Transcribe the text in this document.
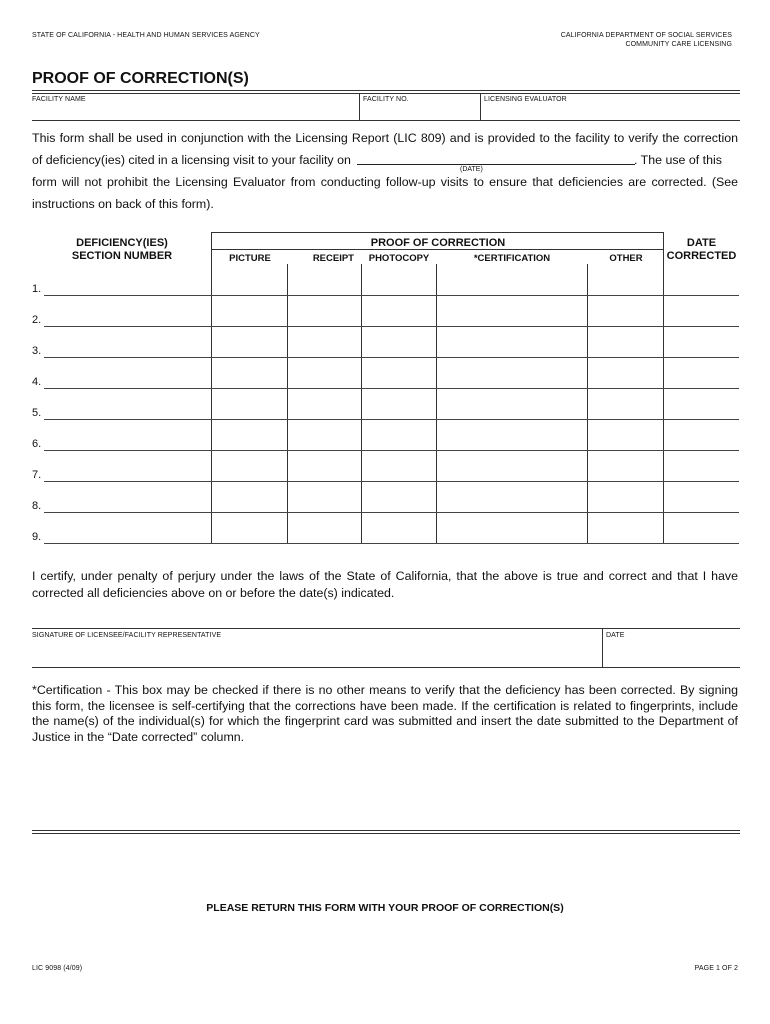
STATE OF CALIFORNIA - HEALTH AND HUMAN SERVICES AGENCY	CALIFORNIA DEPARTMENT OF SOCIAL SERVICES
COMMUNITY CARE LICENSING
PROOF OF CORRECTION(S)
FACILITY NAME	FACILITY NO.	LICENSING EVALUATOR
This form shall be used in conjunction with the Licensing Report (LIC 809) and is provided to the facility to verify the correction
of deficiency(ies) cited in a licensing visit to your facility on
(DATE)
. The use of this
form will not prohibit the Licensing Evaluator from conducting follow-up visits to ensure that deficiencies are corrected. (See
instructions on back of this form).
DEFICIENCY(IES)
SECTION NUMBER
PROOF OF CORRECTION	DATE
CORRECTED
PICTURE	RECEIPT	PHOTOCOPY	*CERTIFICATION	OTHER
1.
2.
3.
4.
5.
6.
7.
8.
9.
I certify, under penalty of perjury under the laws of the State of California, that the above is true and correct and that I have
corrected all deficiencies above on or before the date(s) indicated.
SIGNATURE OF LICENSEE/FACILITY REPRESENTATIVE	DATE
*Certification - This box may be checked if there is no other means to verify that the deficiency has been corrected. By signing
this form, the licensee is self-certifying that the corrections have been made. If the certification is related to fingerprints, include
the name(s) of the individual(s) for which the fingerprint card was submitted and insert the date submitted to the Department of
Justice in the “Date corrected” column.
PLEASE RETURN THIS FORM WITH YOUR PROOF OF CORRECTION(S)
LIC 9098 (4/09)	PAGE 1 OF 2
